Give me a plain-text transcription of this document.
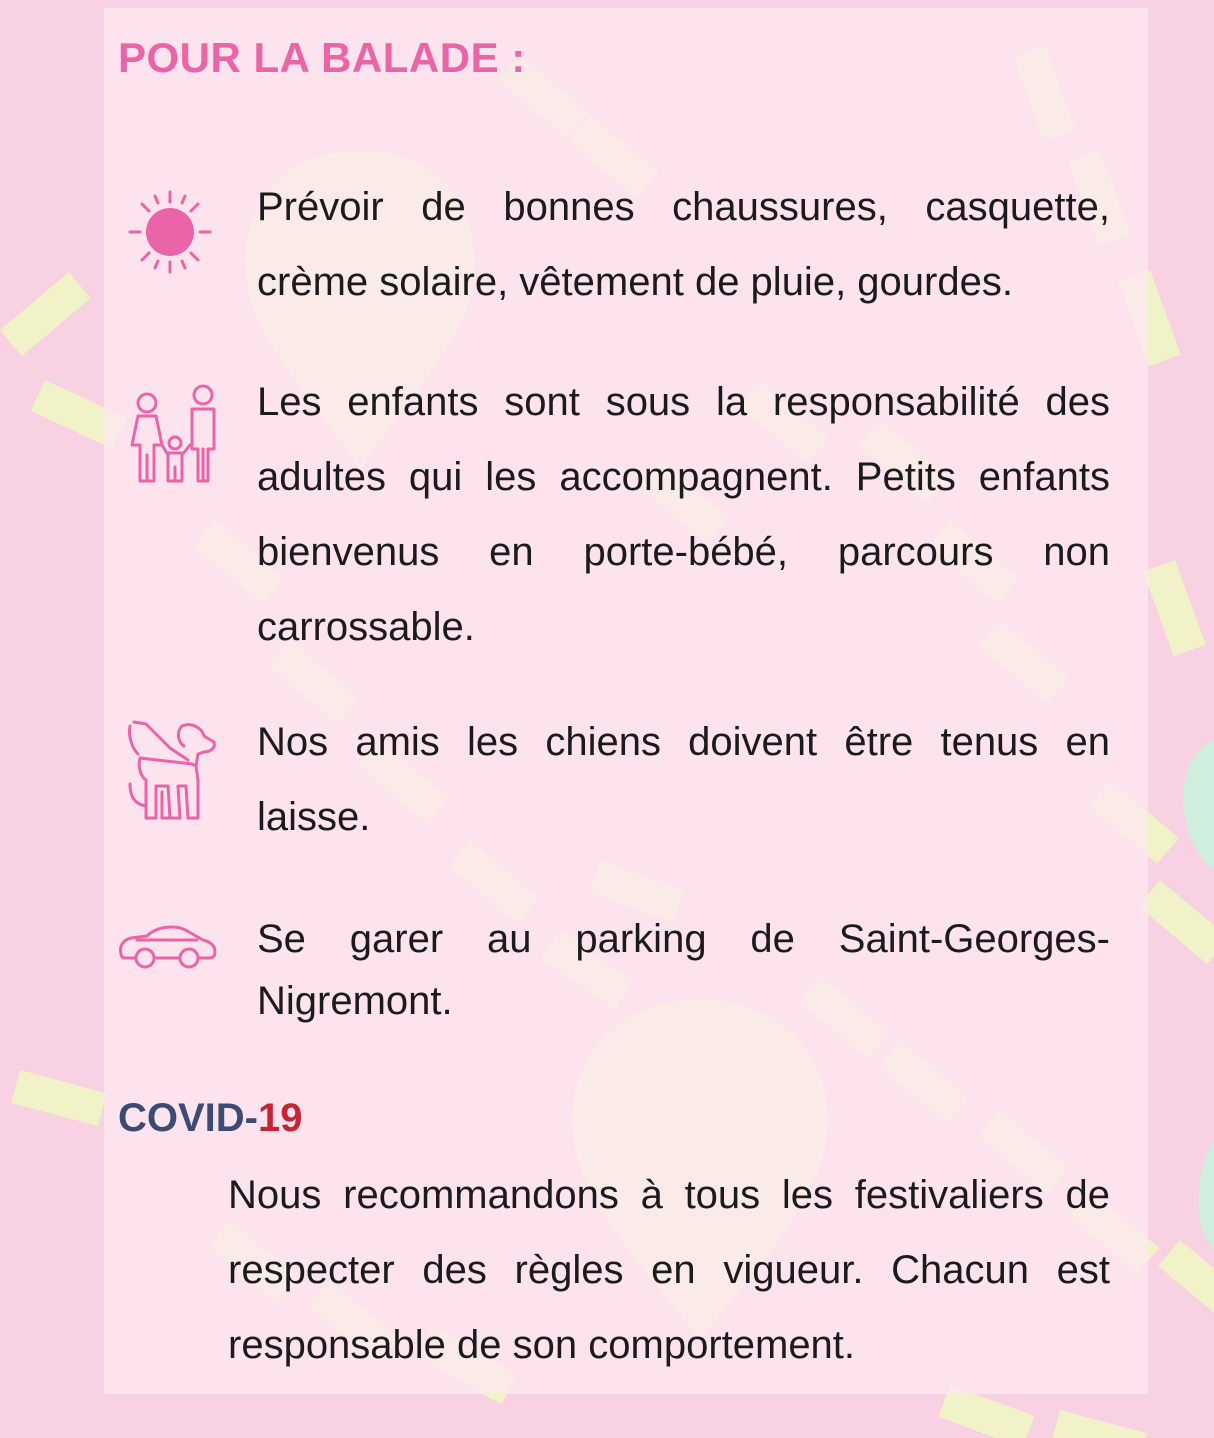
POUR LA BALADE :

Prévoir de bonnes chaussures, casquette, crème solaire, vêtement de pluie, gourdes.

Les enfants sont sous la responsabilité des adultes qui les accompagnent. Petits enfants bienvenus en porte-bébé, parcours non carrossable.

Nos amis les chiens doivent être tenus en laisse.

Se garer au parking de Saint-Georges-Nigremont.

COVID-19

Nous recommandons à tous les festivaliers de respecter des règles en vigueur. Chacun est responsable de son comportement.
